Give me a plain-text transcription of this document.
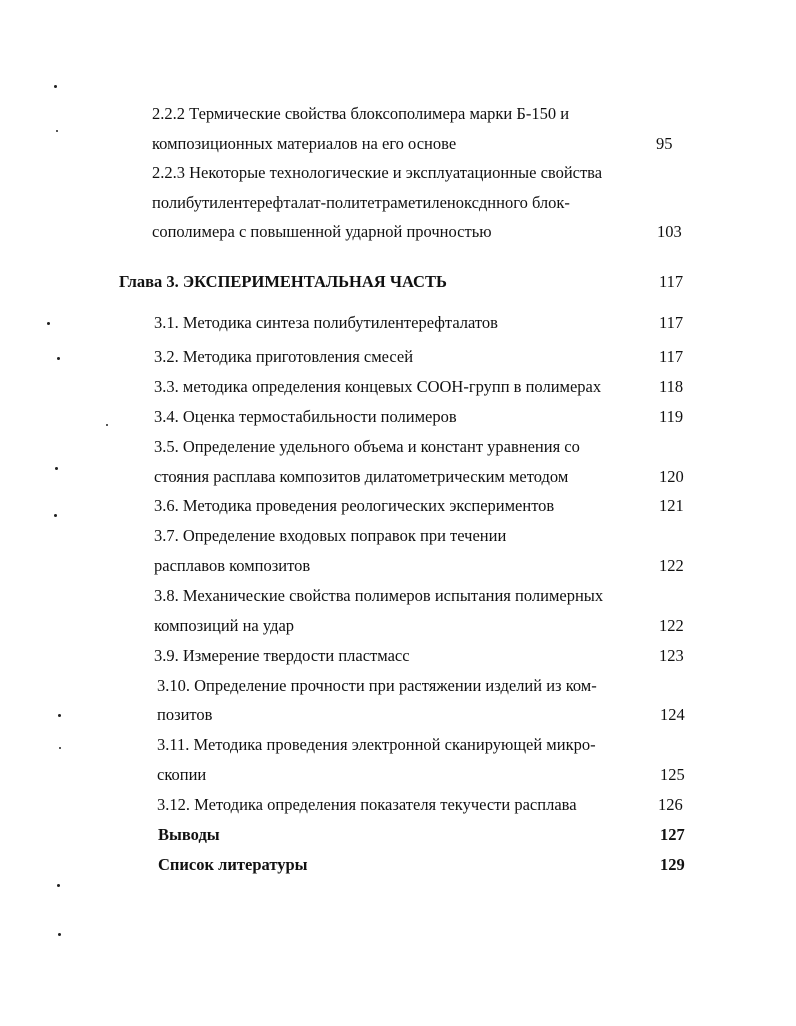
2.2.2 Термические свойства блоксополимера марки Б-150 и
композиционных материалов на его основе	95
2.2.3 Некоторые технологические и эксплуатационные свойства
полибутилентерефталат-политетраметиленоксднного блок-
сополимера с повышенной ударной прочностью	103
Глава 3. ЭКСПЕРИМЕНТАЛЬНАЯ ЧАСТЬ	117
3.1. Методика синтеза полибутилентерефталатов	117
3.2. Методика приготовления смесей	117
3.3. методика определения концевых СООН-групп в полимерах	118
3.4. Оценка термостабильности полимеров	119
3.5. Определение удельного объема и констант уравнения со
стояния расплава композитов дилатометрическим методом	120
3.6. Методика проведения реологических экспериментов	121
3.7. Определение входовых поправок при течении
расплавов композитов	122
3.8. Механические свойства полимеров испытания полимерных
композиций на удар	122
3.9. Измерение твердости пластмасс	123
3.10. Определение прочности при растяжении изделий из ком-
позитов	124
3.11. Методика проведения электронной сканирующей микро-
скопии	125
3.12. Методика определения показателя текучести расплава	126
Выводы	127
Список литературы	129
